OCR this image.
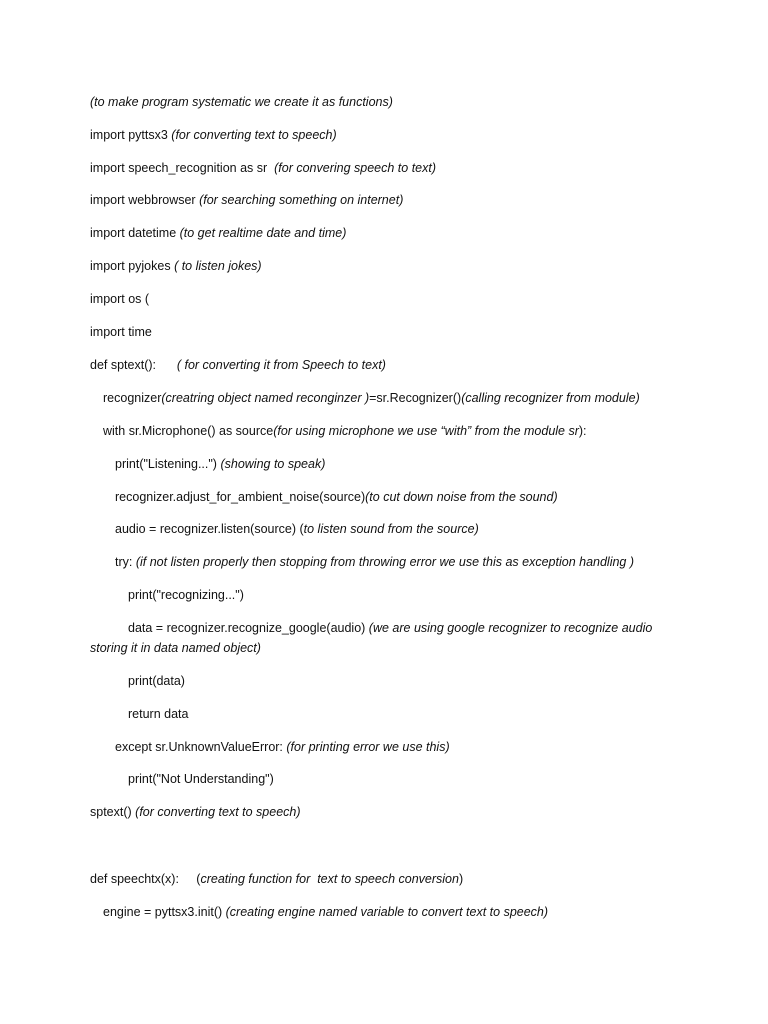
(to make program systematic we create it as functions)
import pyttsx3 (for converting text to speech)
import speech_recognition as sr  (for convering speech to text)
import webbrowser (for searching something on internet)
import datetime (to get realtime date and time)
import pyjokes ( to listen jokes)
import os (
import time
def sptext():      ( for converting it from Speech to text)
recognizer(creatring object named reconginzer )=sr.Recognizer()(calling recognizer from module)
with sr.Microphone() as source(for using microphone we use “with” from the module sr):
print("Listening...") (showing to speak)
recognizer.adjust_for_ambient_noise(source)(to cut down noise from the sound)
audio = recognizer.listen(source) (to listen sound from the source)
try: (if not listen properly then stopping from throwing error we use this as exception handling )
print("recognizing...")
data = recognizer.recognize_google(audio) (we are using google recognizer to recognize audio
storing it in data named object)
print(data)
return data
except sr.UnknownValueError: (for printing error we use this)
print("Not Understanding")
sptext() (for converting text to speech)
def speechtx(x):     (creating function for  text to speech conversion)
engine = pyttsx3.init() (creating engine named variable to convert text to speech)
